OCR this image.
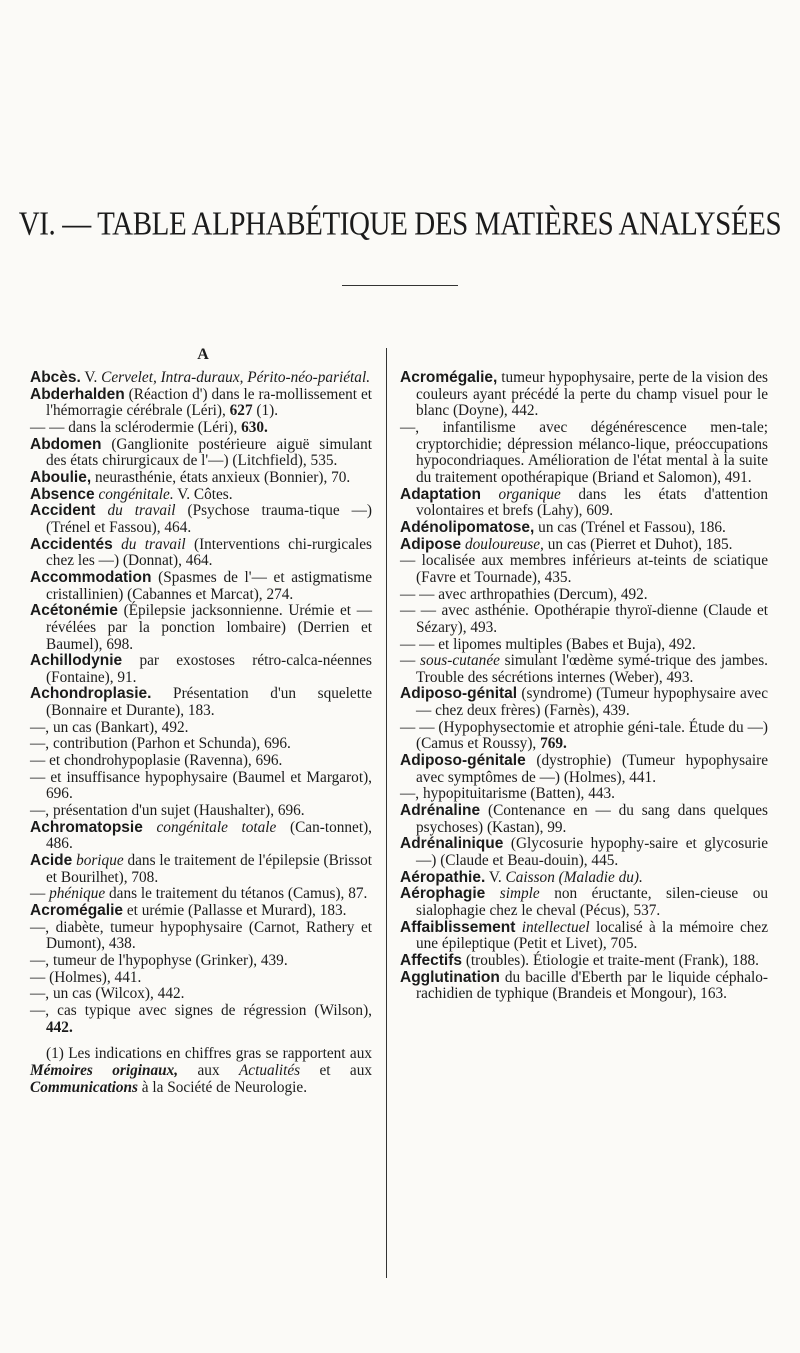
VI. — TABLE ALPHABÉTIQUE DES MATIÈRES ANALYSÉES
A

Abcès. V. Cervelet, Intra-duraux, Périto-néo-pariétal.

Abderhalden (Réaction d') dans le ra-mollissement et l'hémorragie cérébrale (Léri), 627 (1).

— — dans la sclérodermie (Léri), 630.

Abdomen (Ganglionite postérieure aiguë simulant des états chirurgicaux de l'—) (Litchfield), 535.

Aboulie, neurasthénie, états anxieux (Bonnier), 70.

Absence congénitale. V. Côtes.

Accident du travail (Psychose trauma-tique —) (Trénel et Fassou), 464.

Accidentés du travail (Interventions chi-rurgicales chez les —) (Donnat), 464.

Accommodation (Spasmes de l'— et astigmatisme cristallinien) (Cabannes et Marcat), 274.

Acétonémie (Épilepsie jacksonnienne. Urémie et — révélées par la ponction lombaire) (Derrien et Baumel), 698.

Achillodynie par exostoses rétro-calca-néennes (Fontaine), 91.

Achondroplasie. Présentation d'un squelette (Bonnaire et Durante), 183.

—, un cas (Bankart), 492.

—, contribution (Parhon et Schunda), 696.

— et chondrohypoplasie (Ravenna), 696.

— et insuffisance hypophysaire (Baumel et Margarot), 696.

—, présentation d'un sujet (Haushalter), 696.

Achromatopsie congénitale totale (Can-tonnet), 486.

Acide borique dans le traitement de l'épilepsie (Brissot et Bourilhet), 708.

— phénique dans le traitement du tétanos (Camus), 87.

Acromégalie et urémie (Pallasse et Murard), 183.

—, diabète, tumeur hypophysaire (Carnot, Rathery et Dumont), 438.

—, tumeur de l'hypophyse (Grinker), 439.

— (Holmes), 441.

—, un cas (Wilcox), 442.

—, cas typique avec signes de régression (Wilson), 442.

(1) Les indications en chiffres gras se rapportent aux Mémoires originaux, aux Actualités et aux Communications à la Société de Neurologie.

Acromégalie, tumeur hypophysaire, perte de la vision des couleurs ayant précédé la perte du champ visuel pour le blanc (Doyne), 442.

—, infantilisme avec dégénérescence men-tale; cryptorchidie; dépression mélanco-lique, préoccupations hypocondriaques. Amélioration de l'état mental à la suite du traitement opothérapique (Briand et Salomon), 491.

Adaptation organique dans les états d'attention volontaires et brefs (Lahy), 609.

Adénolipomatose, un cas (Trénel et Fassou), 186.

Adipose douloureuse, un cas (Pierret et Duhot), 185.

— localisée aux membres inférieurs at-teints de sciatique (Favre et Tournade), 435.

— — avec arthropathies (Dercum), 492.

— — avec asthénie. Opothérapie thyroï-dienne (Claude et Sézary), 493.

— — et lipomes multiples (Babes et Buja), 492.

— sous-cutanée simulant l'œdème symé-trique des jambes. Trouble des sécrétions internes (Weber), 493.

Adiposo-génital (syndrome) (Tumeur hypophysaire avec — chez deux frères) (Farnès), 439.

— — (Hypophysectomie et atrophie géni-tale. Étude du —) (Camus et Roussy), 769.

Adiposo-génitale (dystrophie) (Tumeur hypophysaire avec symptômes de —) (Holmes), 441.

—, hypopituitarisme (Batten), 443.

Adrénaline (Contenance en — du sang dans quelques psychoses) (Kastan), 99.

Adrénalinique (Glycosurie hypophy-saire et glycosurie —) (Claude et Beau-douin), 445.

Aéropathie. V. Caisson (Maladie du).

Aérophagie simple non éructante, silen-cieuse ou sialophagie chez le cheval (Pécus), 537.

Affaiblissement intellectuel localisé à la mémoire chez une épileptique (Petit et Livet), 705.

Affectifs (troubles). Étiologie et traite-ment (Frank), 188.

Agglutination du bacille d'Eberth par le liquide céphalo-rachidien de typhique (Brandeis et Mongour), 163.
